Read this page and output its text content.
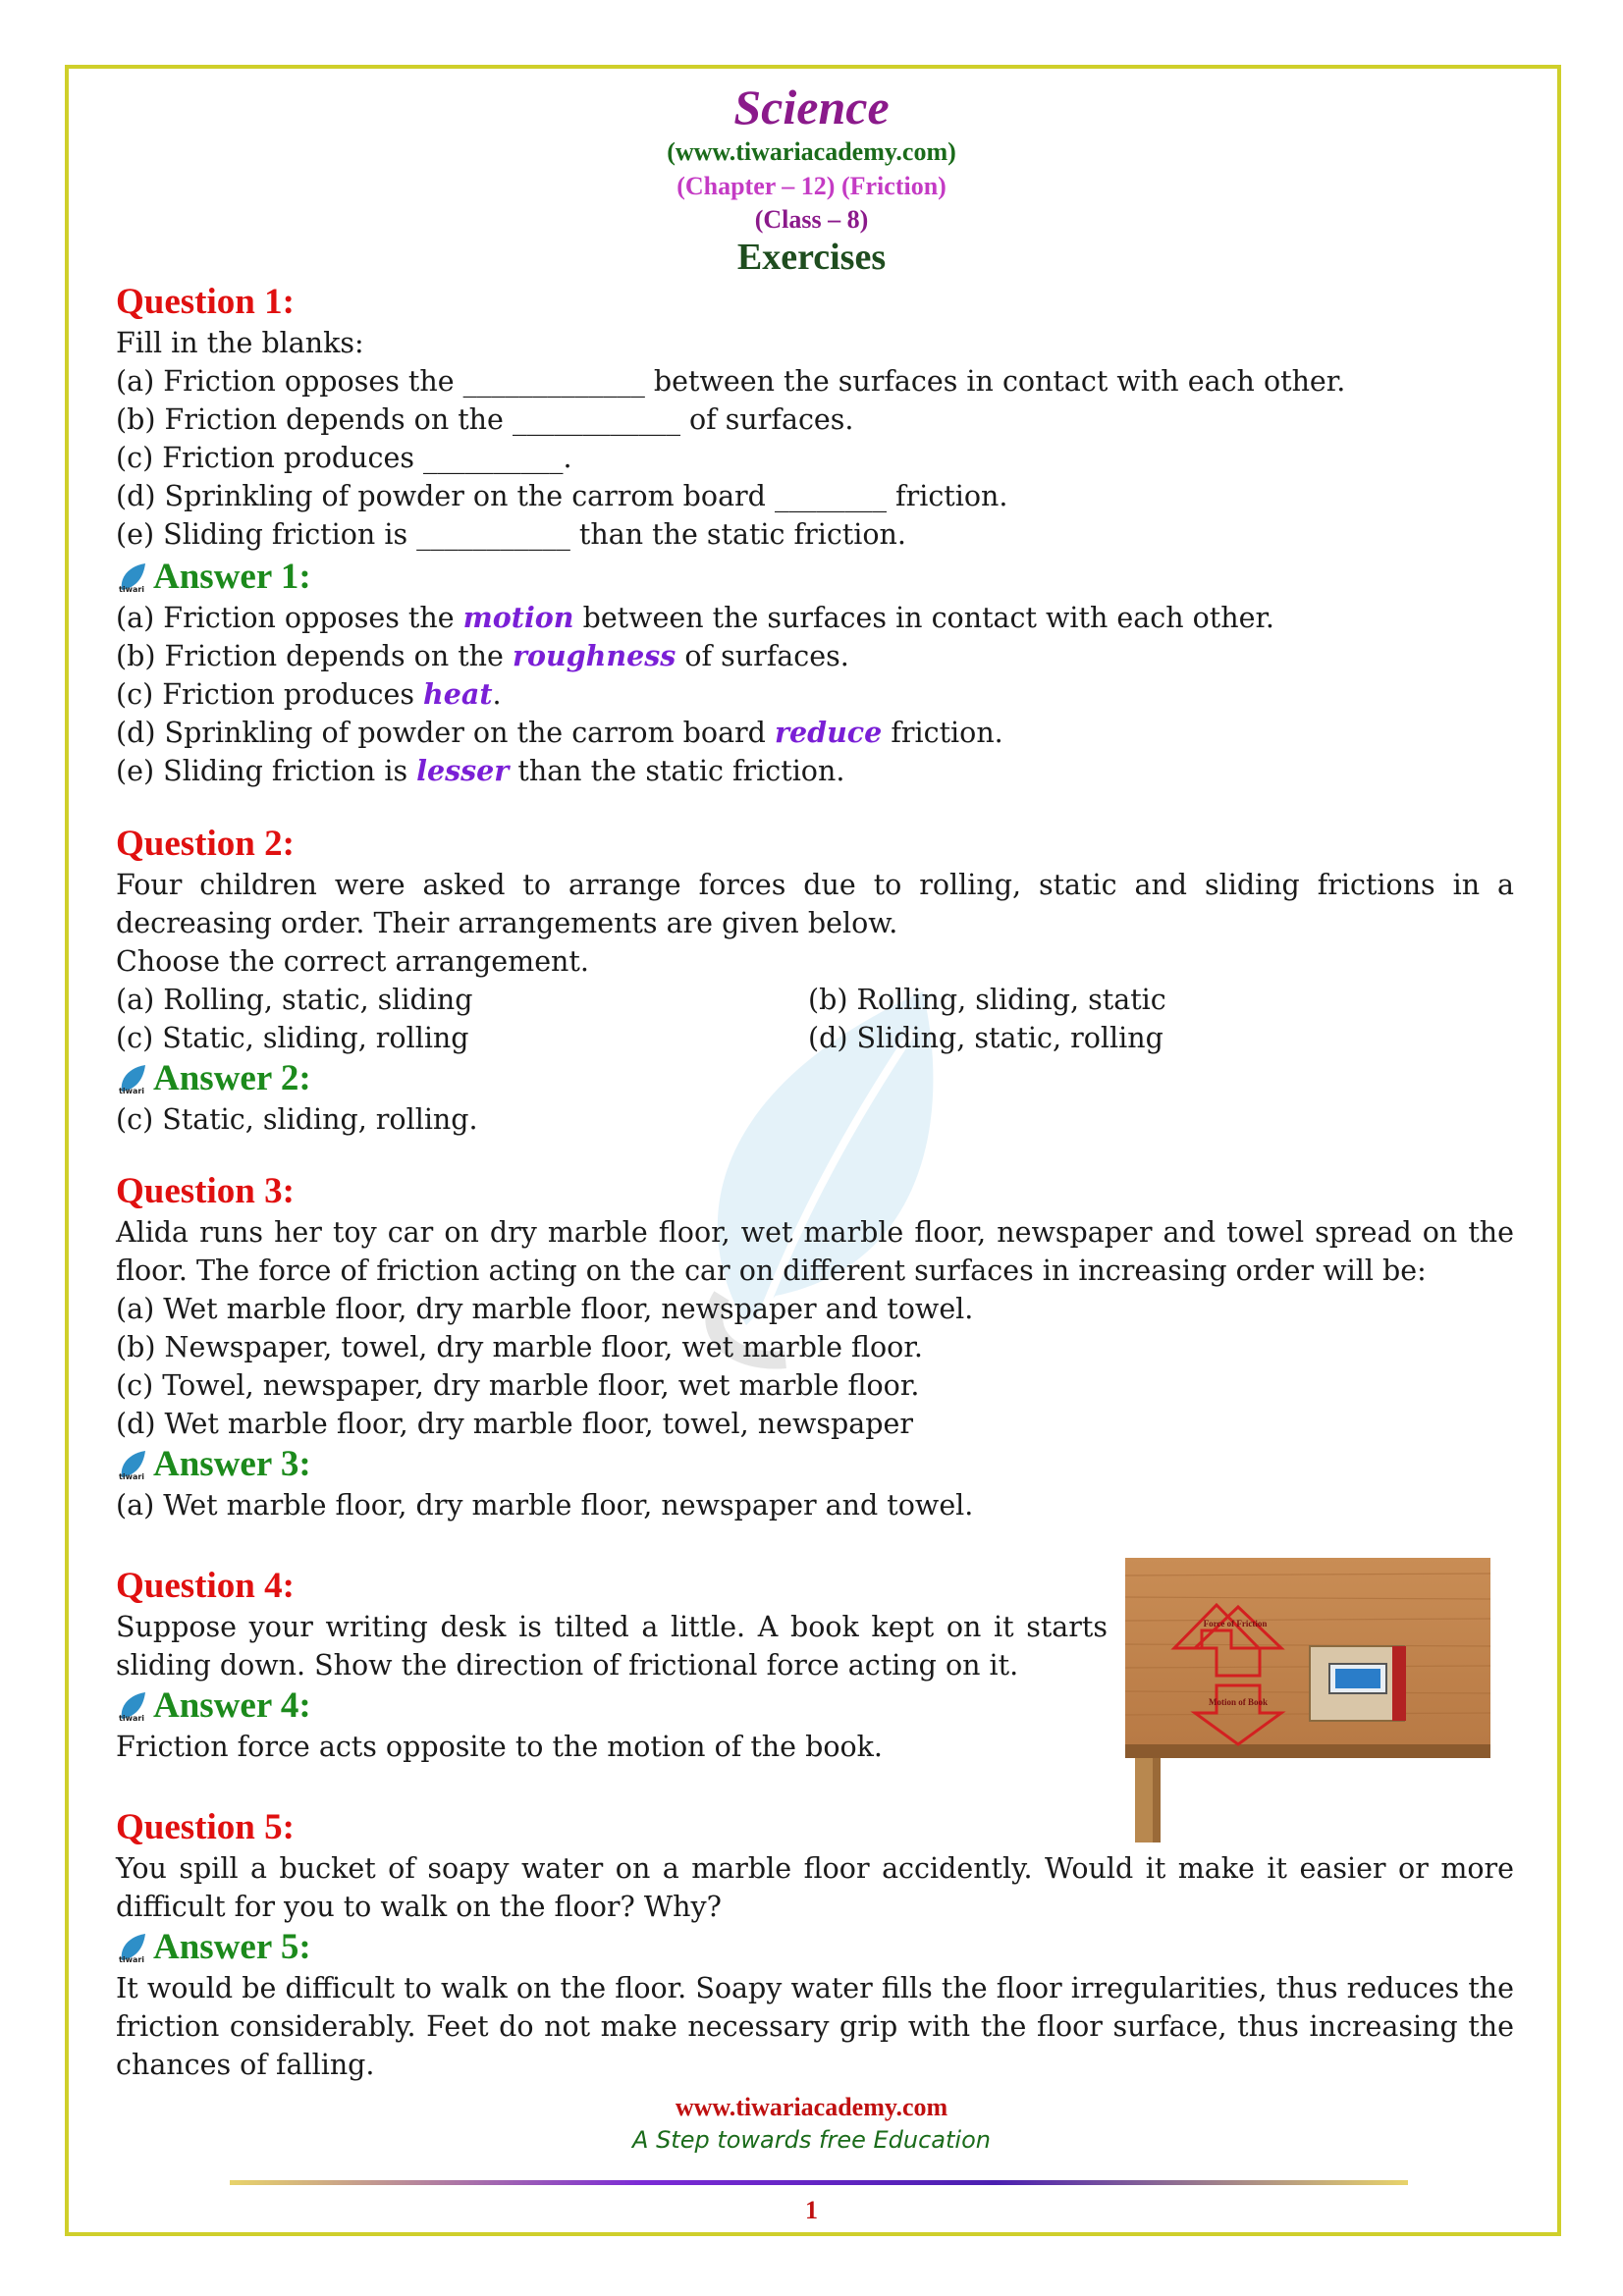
Science
(www.tiwariacademy.com)
(Chapter – 12) (Friction)
(Class – 8)
Exercises
Question 1:
Fill in the blanks:
(a) Friction opposes the _____________ between the surfaces in contact with each other.
(b) Friction depends on the ____________ of surfaces.
(c) Friction produces __________.
(d) Sprinkling of powder on the carrom board ________ friction.
(e) Sliding friction is ___________ than the static friction.
tiwari Answer 1:
(a) Friction opposes the motion between the surfaces in contact with each other.
(b) Friction depends on the roughness of surfaces.
(c) Friction produces heat.
(d) Sprinkling of powder on the carrom board reduce friction.
(e) Sliding friction is lesser than the static friction.
Question 2:
Four children were asked to arrange forces due to rolling, static and sliding frictions in a decreasing order. Their arrangements are given below.
Choose the correct arrangement.
(a) Rolling, static, sliding	(b) Rolling, sliding, static
(c) Static, sliding, rolling	(d) Sliding, static, rolling
tiwari Answer 2:
(c) Static, sliding, rolling.
Question 3:
Alida runs her toy car on dry marble floor, wet marble floor, newspaper and towel spread on the floor. The force of friction acting on the car on different surfaces in increasing order will be:
(a) Wet marble floor, dry marble floor, newspaper and towel.
(b) Newspaper, towel, dry marble floor, wet marble floor.
(c) Towel, newspaper, dry marble floor, wet marble floor.
(d) Wet marble floor, dry marble floor, towel, newspaper
tiwari Answer 3:
(a) Wet marble floor, dry marble floor, newspaper and towel.
Question 4:
Suppose your writing desk is tilted a little. A book kept on it starts sliding down. Show the direction of frictional force acting on it.
tiwari Answer 4:
Friction force acts opposite to the motion of the book.
Force of Friction
Motion of Book
Question 5:
You spill a bucket of soapy water on a marble floor accidently. Would it make it easier or more difficult for you to walk on the floor? Why?
tiwari Answer 5:
It would be difficult to walk on the floor. Soapy water fills the floor irregularities, thus reduces the friction considerably. Feet do not make necessary grip with the floor surface, thus increasing the chances of falling.
www.tiwariacademy.com
A Step towards free Education
1
